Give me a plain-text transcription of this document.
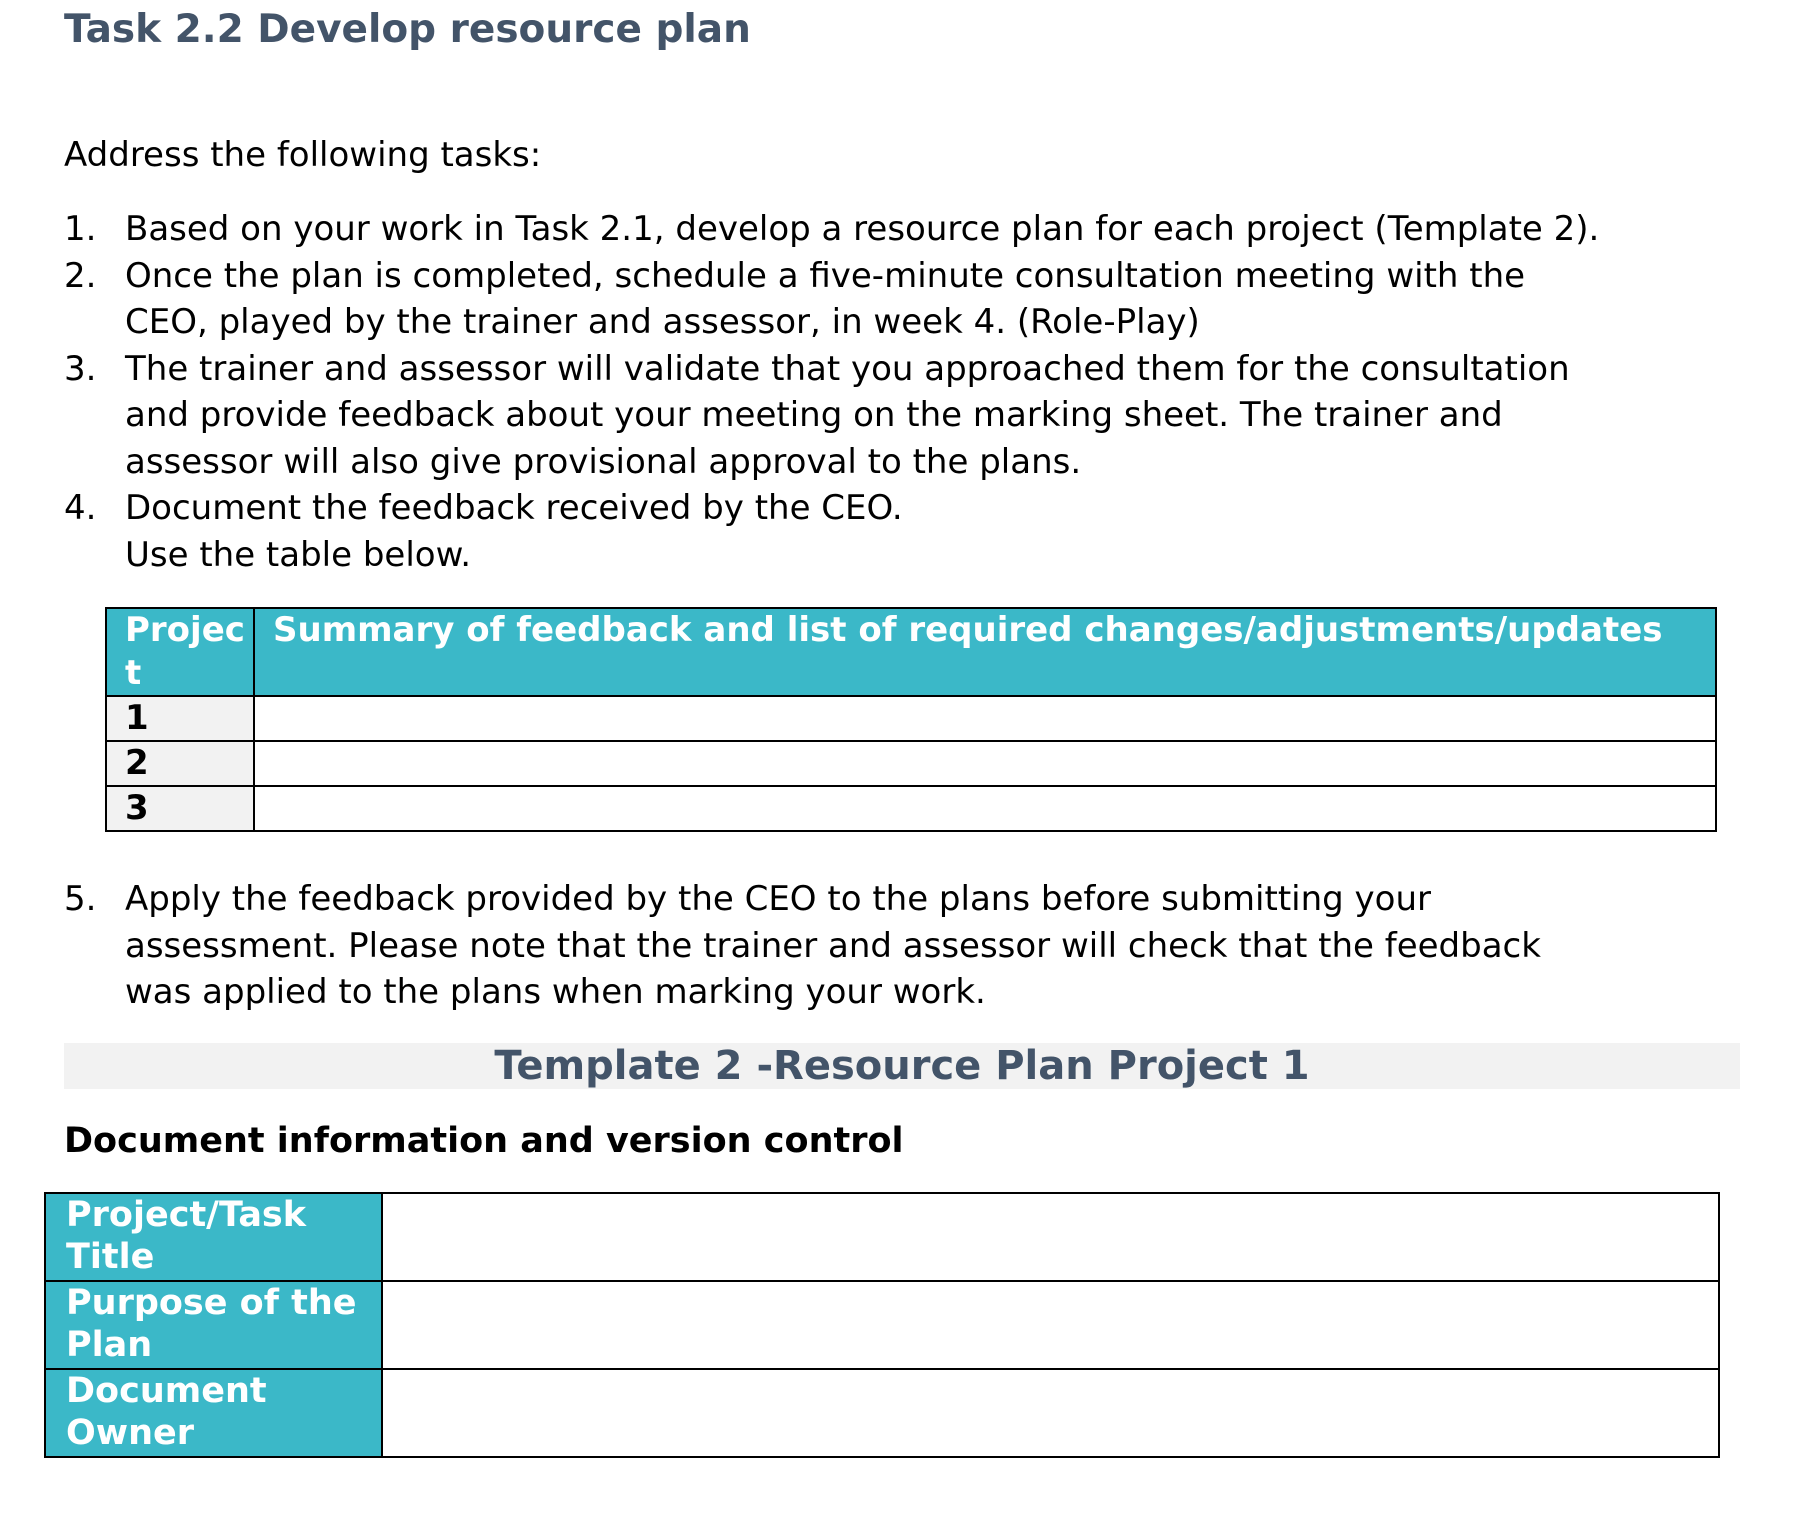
Task 2.2 Develop resource plan

Address the following tasks:

1. Based on your work in Task 2.1, develop a resource plan for each project (Template 2).
2. Once the plan is completed, schedule a five-minute consultation meeting with the
CEO, played by the trainer and assessor, in week 4. (Role-Play)
3. The trainer and assessor will validate that you approached them for the consultation
and provide feedback about your meeting on the marking sheet. The trainer and
assessor will also give provisional approval to the plans.
4. Document the feedback received by the CEO.
Use the table below.
Project	Summary of feedback and list of required changes/adjustments/updates
1	
2	
3	
5. Apply the feedback provided by the CEO to the plans before submitting your
assessment. Please note that the trainer and assessor will check that the feedback
was applied to the plans when marking your work.
Template 2 -Resource Plan Project 1
Document information and version control
Project/Task Title	
Purpose of the Plan	
Document Owner	
